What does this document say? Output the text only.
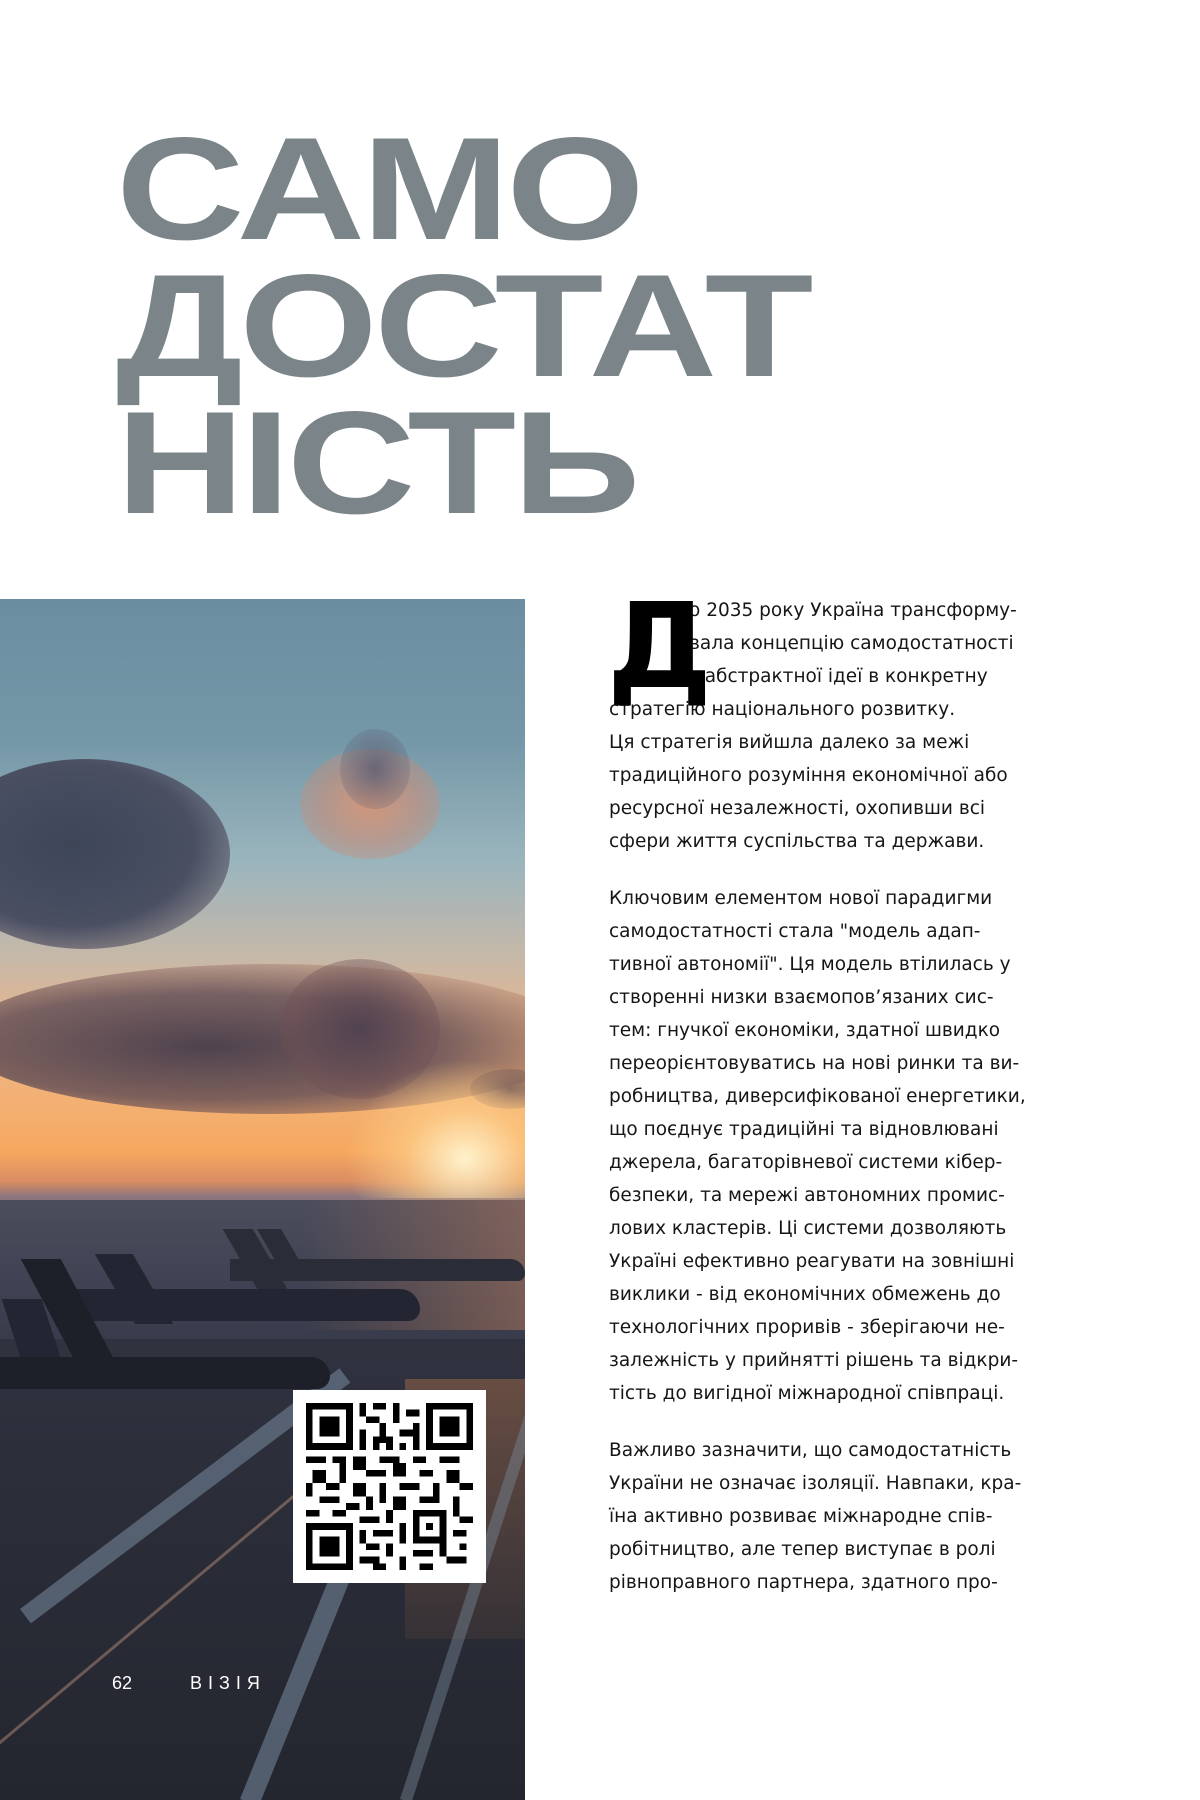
САМО
ДОСТАТ
НІСТЬ
62	ВІЗІЯ
Д

о 2035 року Україна трансформу-
вала концепцію самодостатності
з абстрактної ідеї в конкретну
стратегію національного розвитку.
Ця стратегія вийшла далеко за межі
традиційного розуміння економічної або
ресурсної незалежності, охопивши всі
сфери життя суспільства та держави.

Ключовим елементом нової парадигми
самодостатності стала "модель адап-
тивної автономії". Ця модель втілилась у
створенні низки взаємопов’язаних сис-
тем: гнучкої економіки, здатної швидко
переорієнтовуватись на нові ринки та ви-
робництва, диверсифікованої енергетики,
що поєднує традиційні та відновлювані
джерела, багаторівневої системи кібер-
безпеки, та мережі автономних промис-
лових кластерів. Ці системи дозволяють
Україні ефективно реагувати на зовнішні
виклики - від економічних обмежень до
технологічних проривів - зберігаючи не-
залежність у прийнятті рішень та відкри-
тість до вигідної міжнародної співпраці.

Важливо зазначити, що самодостатність
України не означає ізоляції. Навпаки, кра-
їна активно розвиває міжнародне спів-
робітництво, але тепер виступає в ролі
рівноправного партнера, здатного про-
